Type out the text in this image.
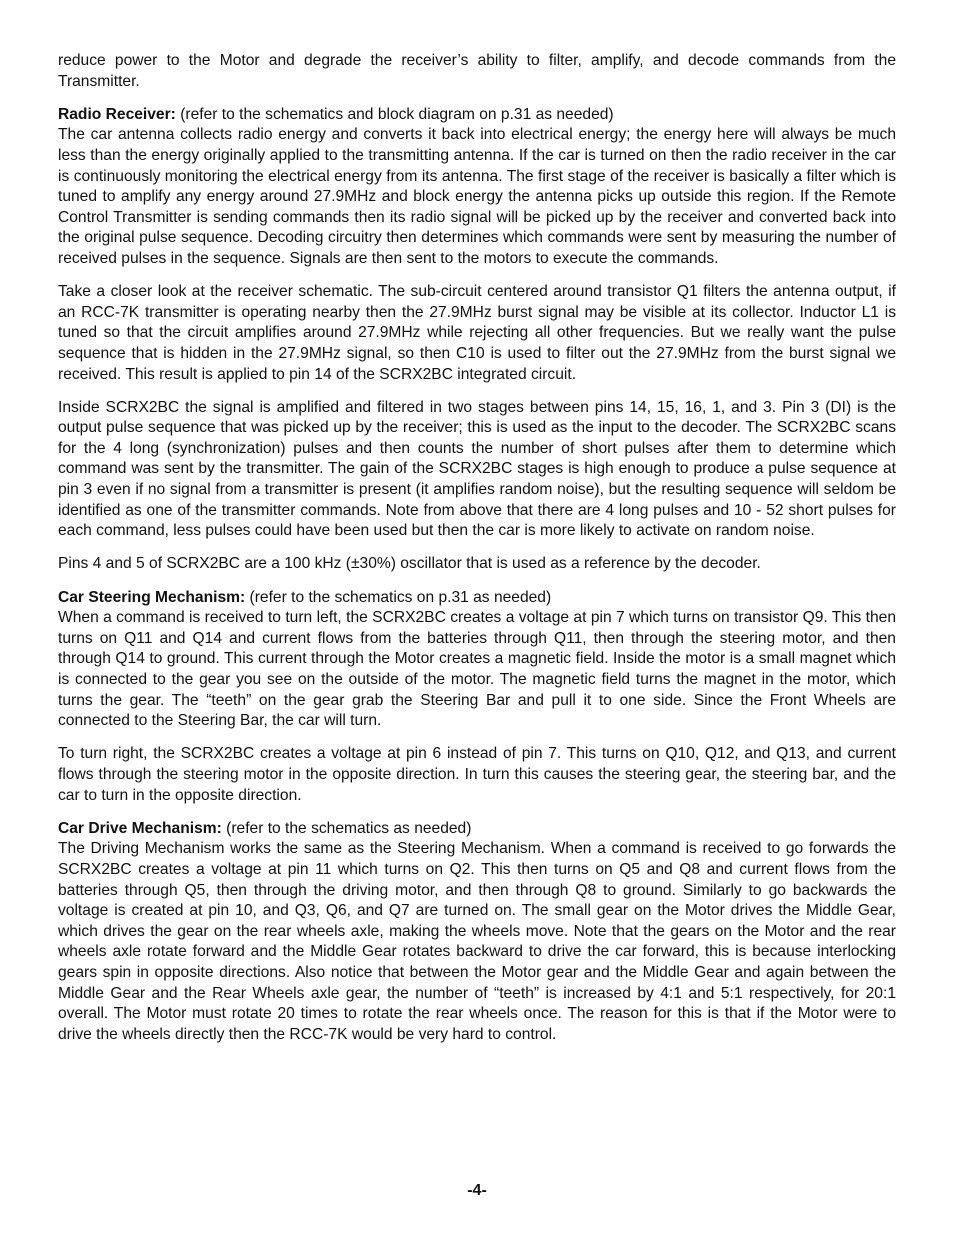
reduce power to the Motor and degrade the receiver’s ability to filter, amplify, and decode commands from the Transmitter.

Radio Receiver: (refer to the schematics and block diagram on p.31 as needed)

The car antenna collects radio energy and converts it back into electrical energy; the energy here will always be much less than the energy originally applied to the transmitting antenna. If the car is turned on then the radio receiver in the car is continuously monitoring the electrical energy from its antenna. The first stage of the receiver is basically a filter which is tuned to amplify any energy around 27.9MHz and block energy the antenna picks up outside this region. If the Remote Control Transmitter is sending commands then its radio signal will be picked up by the receiver and converted back into the original pulse sequence. Decoding circuitry then determines which commands were sent by measuring the number of received pulses in the sequence. Signals are then sent to the motors to execute the commands.

Take a closer look at the receiver schematic. The sub-circuit centered around transistor Q1 filters the antenna output, if an RCC-7K transmitter is operating nearby then the 27.9MHz burst signal may be visible at its collector. Inductor L1 is tuned so that the circuit amplifies around 27.9MHz while rejecting all other frequencies. But we really want the pulse sequence that is hidden in the 27.9MHz signal, so then C10 is used to filter out the 27.9MHz from the burst signal we received. This result is applied to pin 14 of the SCRX2BC integrated circuit.

Inside SCRX2BC the signal is amplified and filtered in two stages between pins 14, 15, 16, 1, and 3. Pin 3 (DI) is the output pulse sequence that was picked up by the receiver; this is used as the input to the decoder. The SCRX2BC scans for the 4 long (synchronization) pulses and then counts the number of short pulses after them to determine which command was sent by the transmitter. The gain of the SCRX2BC stages is high enough to produce a pulse sequence at pin 3 even if no signal from a transmitter is present (it amplifies random noise), but the resulting sequence will seldom be identified as one of the transmitter commands. Note from above that there are 4 long pulses and 10 - 52 short pulses for each command, less pulses could have been used but then the car is more likely to activate on random noise.

Pins 4 and 5 of SCRX2BC are a 100 kHz (±30%) oscillator that is used as a reference by the decoder.

Car Steering Mechanism: (refer to the schematics on p.31 as needed)

When a command is received to turn left, the SCRX2BC creates a voltage at pin 7 which turns on transistor Q9. This then turns on Q11 and Q14 and current flows from the batteries through Q11, then through the steering motor, and then through Q14 to ground. This current through the Motor creates a magnetic field. Inside the motor is a small magnet which is connected to the gear you see on the outside of the motor. The magnetic field turns the magnet in the motor, which turns the gear. The “teeth” on the gear grab the Steering Bar and pull it to one side. Since the Front Wheels are connected to the Steering Bar, the car will turn.

To turn right, the SCRX2BC creates a voltage at pin 6 instead of pin 7. This turns on Q10, Q12, and Q13, and current flows through the steering motor in the opposite direction. In turn this causes the steering gear, the steering bar, and the car to turn in the opposite direction.

Car Drive Mechanism: (refer to the schematics as needed)

The Driving Mechanism works the same as the Steering Mechanism. When a command is received to go forwards the SCRX2BC creates a voltage at pin 11 which turns on Q2. This then turns on Q5 and Q8 and current flows from the batteries through Q5, then through the driving motor, and then through Q8 to ground. Similarly to go backwards the voltage is created at pin 10, and Q3, Q6, and Q7 are turned on. The small gear on the Motor drives the Middle Gear, which drives the gear on the rear wheels axle, making the wheels move. Note that the gears on the Motor and the rear wheels axle rotate forward and the Middle Gear rotates backward to drive the car forward, this is because interlocking gears spin in opposite directions. Also notice that between the Motor gear and the Middle Gear and again between the Middle Gear and the Rear Wheels axle gear, the number of “teeth” is increased by 4:1 and 5:1 respectively, for 20:1 overall. The Motor must rotate 20 times to rotate the rear wheels once. The reason for this is that if the Motor were to drive the wheels directly then the RCC-7K would be very hard to control.

-4-
